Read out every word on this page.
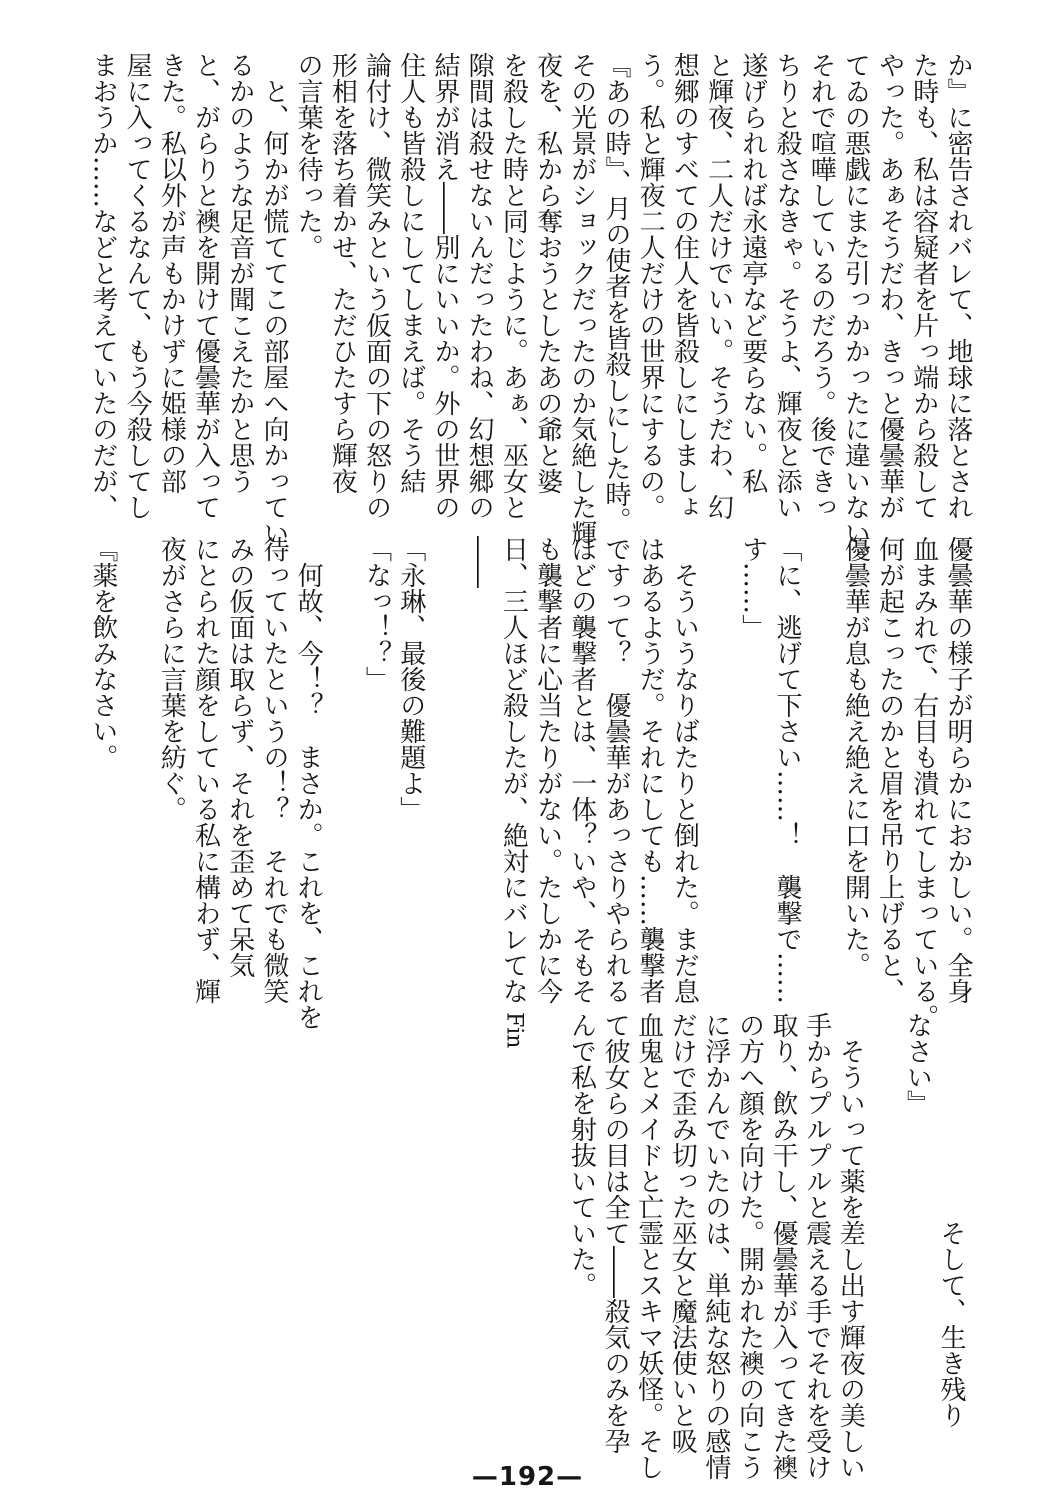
か』に密告されバレて、地球に落とされ
た時も、私は容疑者を片っ端から殺して
やった。あぁそうだわ、きっと優曇華が
てゐの悪戯にまた引っかかったに違いない。
それで喧嘩しているのだろう。後できっ
ちりと殺さなきゃ。そうよ、輝夜と添い
遂げられれば永遠亭など要らない。私
と輝夜、二人だけでいい。そうだわ、幻
想郷のすべての住人を皆殺しにしましょ
う。私と輝夜二人だけの世界にするの。
『あの時』、月の使者を皆殺しにした時。
その光景がショックだったのか気絶した輝
夜を、私から奪おうとしたあの爺と婆
を殺した時と同じように。あぁ、巫女と
隙間は殺せないんだったわね、幻想郷の
結界が消え――別にいいか。外の世界の
住人も皆殺しにしてしまえば。そう結
論付け、微笑みという仮面の下の怒りの
形相を落ち着かせ、ただひたすら輝夜
の言葉を待った。
　と、何かが慌ててこの部屋へ向かってい
るかのような足音が聞こえたかと思う
と、がらりと襖を開けて優曇華が入って
きた。私以外が声もかけずに姫様の部
屋に入ってくるなんて、もう今殺してし
まおうか……などと考えていたのだが、
優曇華の様子が明らかにおかしい。全身
血まみれで、右目も潰れてしまっている。
何が起こったのかと眉を吊り上げると、
優曇華が息も絶え絶えに口を開いた。

「に、逃げて下さい……！　襲撃で……
す……」

　そういうなりばたりと倒れた。まだ息
はあるようだ。それにしても……襲撃者
ですって？　優曇華があっさりやられる
ほどの襲撃者とは、一体？いや、そもそ
も襲撃者に心当たりがない。たしかに今
日、三人ほど殺したが、絶対にバレてな
――

「永琳、最後の難題よ」
「なっ！？」

　何故、今！？　まさか。これを、これを
待っていたというの！？　それでも微笑
みの仮面は取らず、それを歪めて呆気
にとられた顔をしている私に構わず、輝
夜がさらに言葉を紡ぐ。

『薬を飲みなさい。
　　　　　　　　そして、生き残り
なさい』

　そういって薬を差し出す輝夜の美しい
手からプルプルと震える手でそれを受け
取り、飲み干し、優曇華が入ってきた襖
の方へ顔を向けた。開かれた襖の向こう
に浮かんでいたのは、単純な怒りの感情
だけで歪み切った巫女と魔法使いと吸
血鬼とメイドと亡霊とスキマ妖怪。そし
て彼女らの目は全て――殺気のみを孕
んで私を射抜いていた。

Fin
—192—
